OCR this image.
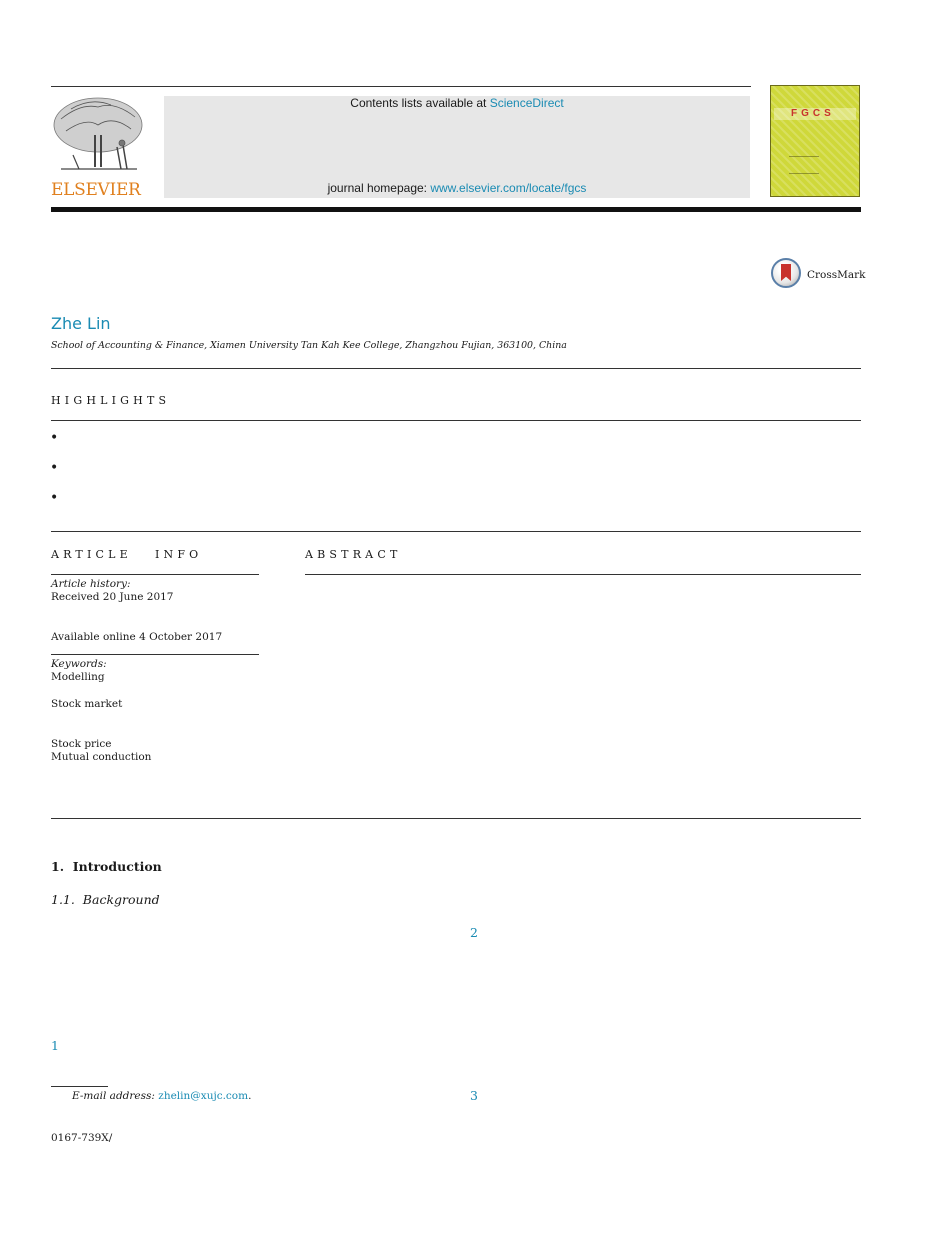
ELSEVIER
Contents lists available at ScienceDirect
journal homepage: www.elsevier.com/locate/fgcs
FGCS
CrossMark
Zhe Lin
School of Accounting & Finance, Xiamen University Tan Kah Kee College, Zhangzhou Fujian, 363100, China
HIGHLIGHTS
•
•
•
ARTICLE   INFO
Article history:
Received 20 June 2017
Available online 4 October 2017
Keywords:
Modelling
Stock market
Stock price
Mutual conduction
ABSTRACT
1.  Introduction
1.1.  Background
2
1
3
E-mail address: zhelin@xujc.com.
0167-739X/
